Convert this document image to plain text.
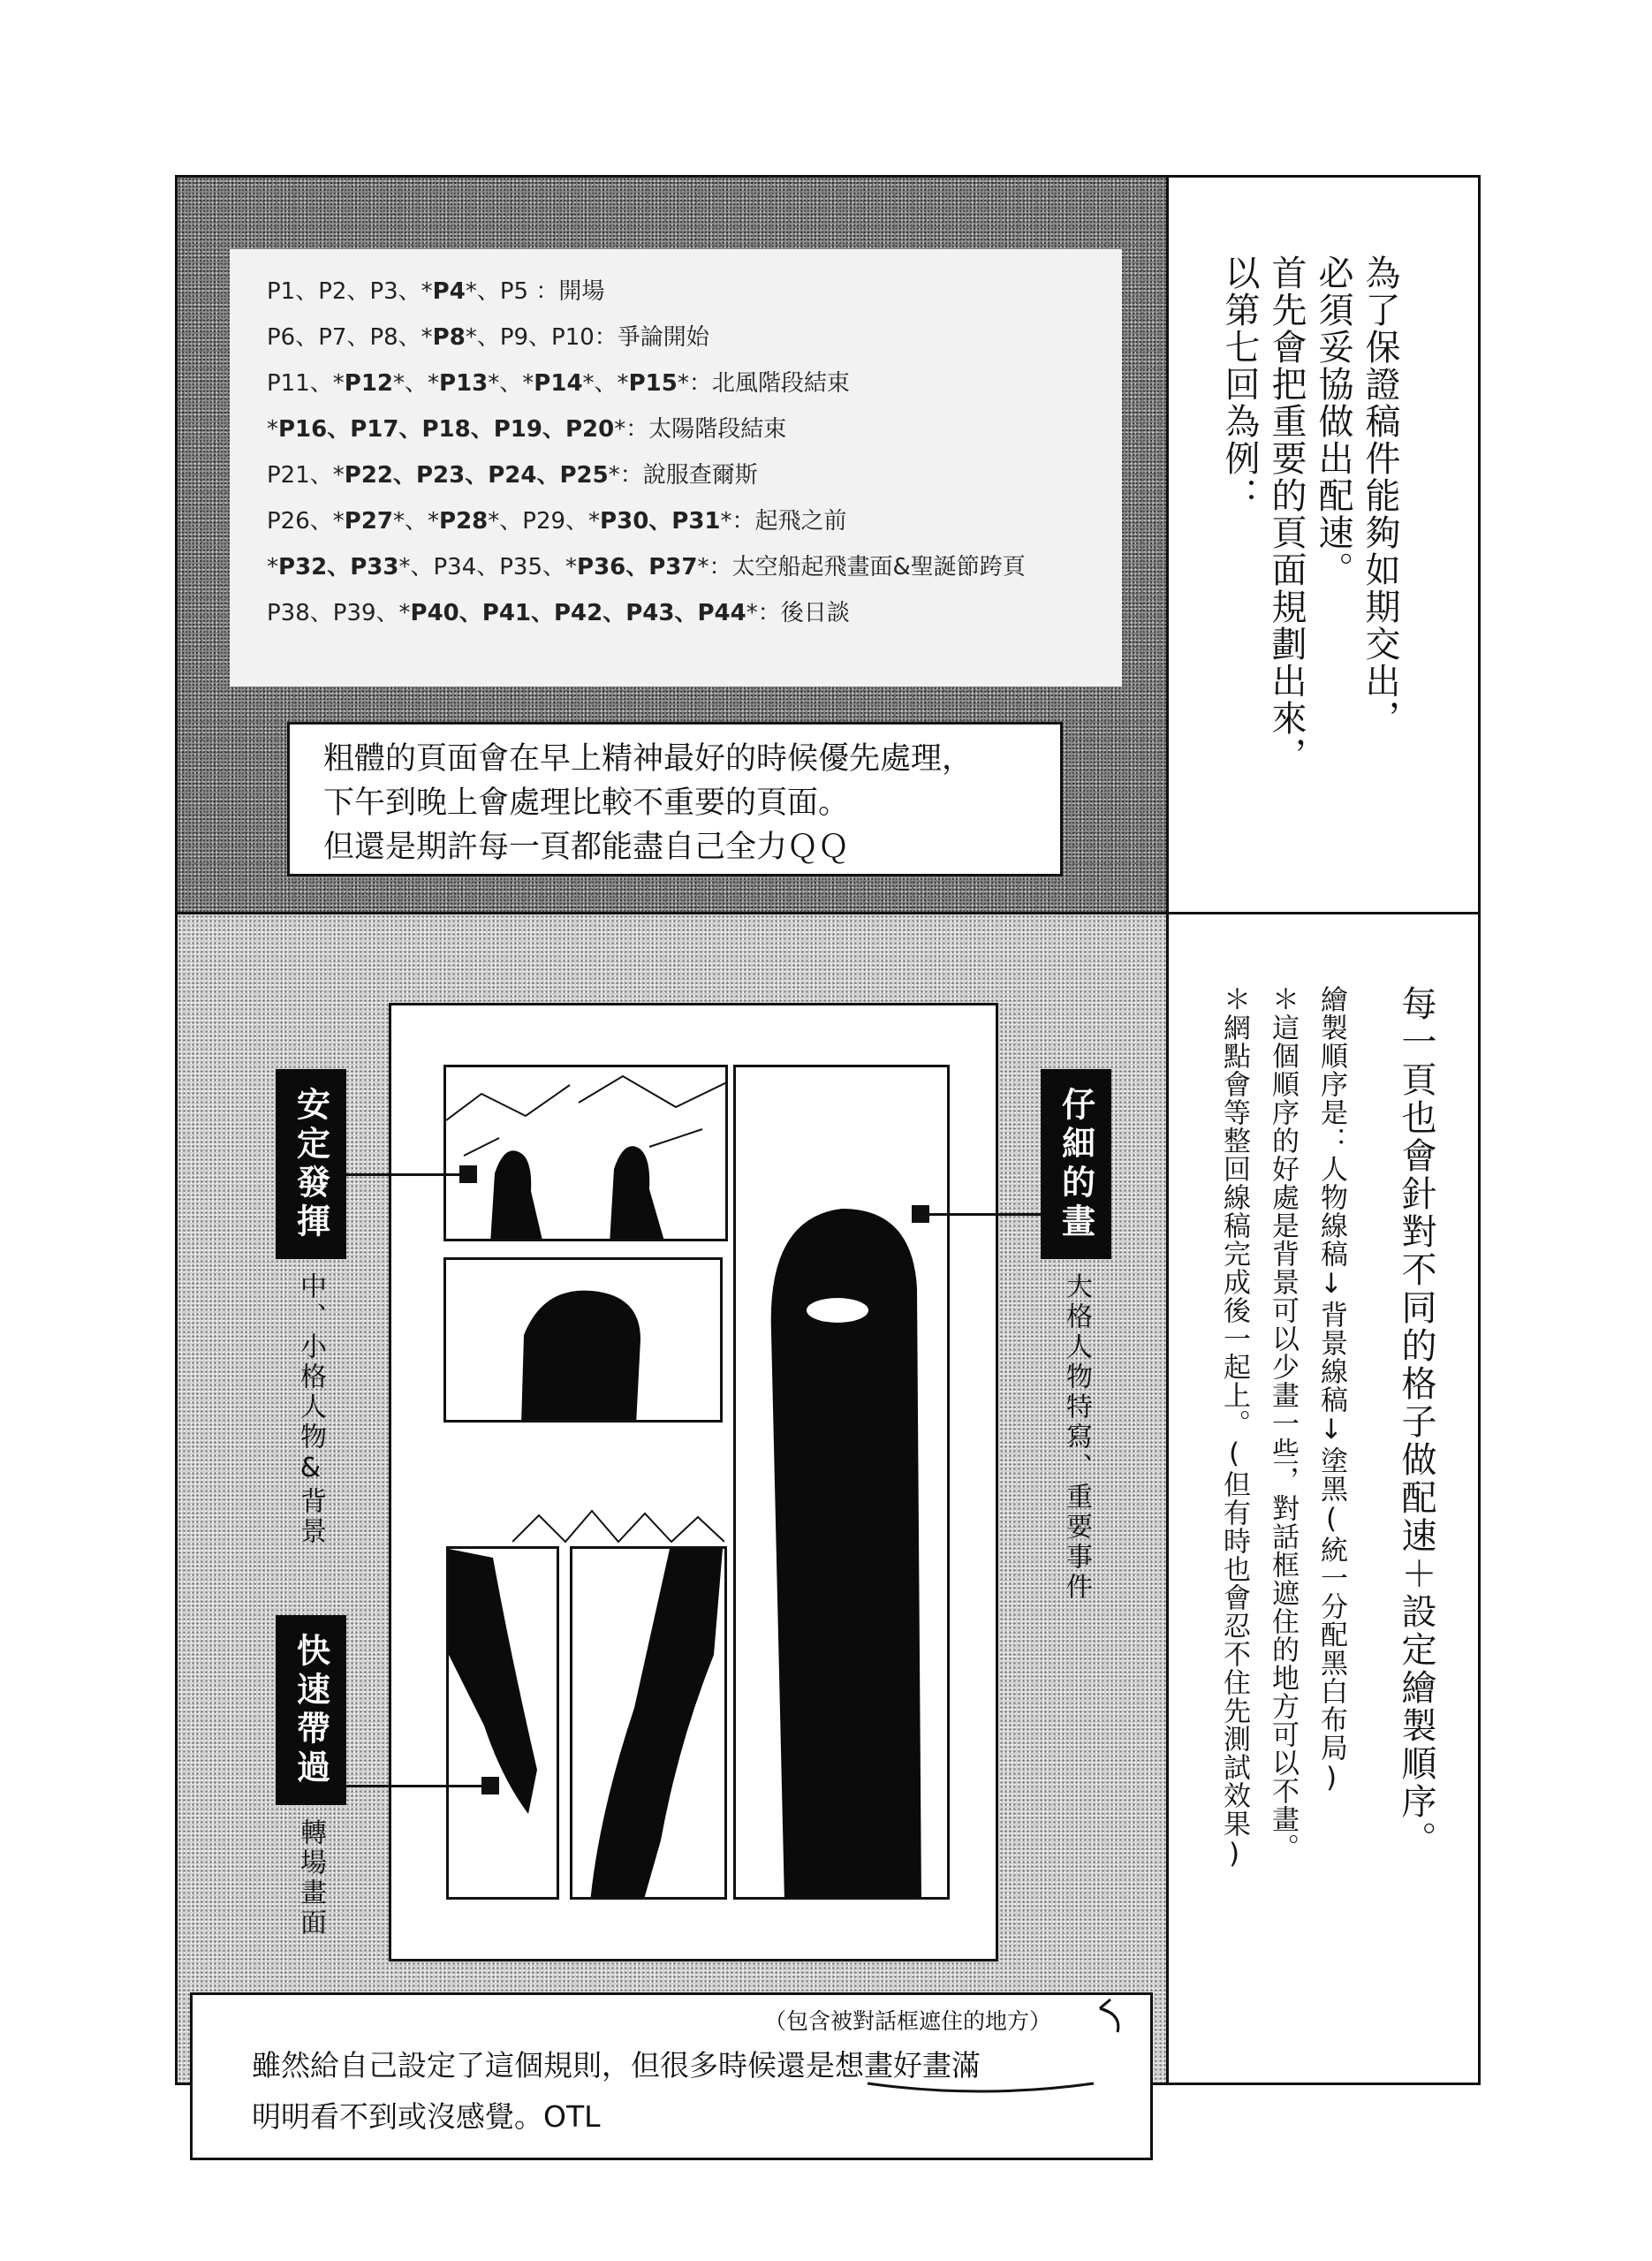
P1、P2、P3、*P4*、P5 ：開場
P6、P7、P8、*P8*、P9、P10：爭論開始
P11、*P12*、*P13*、*P14*、*P15*：北風階段結束
*P16、P17、P18、P19、P20*：太陽階段結束
P21、*P22、P23、P24、P25*：說服查爾斯
P26、*P27*、*P28*、P29、*P30、P31*：起飛之前
*P32、P33*、P34、P35、*P36、P37*：太空船起飛畫面&聖誕節跨頁
P38、P39、*P40、P41、P42、P43、P44*：後日談
粗體的頁面會在早上精神最好的時候優先處理，
下午到晚上會處理比較不重要的頁面。
但還是期許每一頁都能盡自己全力ＱＱ
為了保證稿件能夠如期交出，
必須妥協做出配速。
首先會把重要的頁面規劃出來，
以第七回為例：
每一頁也會針對不同的格子做配速＋設定繪製順序。
繪製順序是：人物線稿↓背景線稿↓塗黑(統一分配黑白布局)
＊這個順序的好處是背景可以少畫一些，對話框遮住的地方可以不畫。
＊網點會等整回線稿完成後一起上。(但有時也會忍不住先測試效果)
安定發揮
中、小格人物&背景
快速帶過
轉場畫面
仔細的畫
大格人物特寫、重要事件
（包含被對話框遮住的地方）
雖然給自己設定了這個規則，但很多時候還是想畫好畫滿
明明看不到或沒感覺。OTL
